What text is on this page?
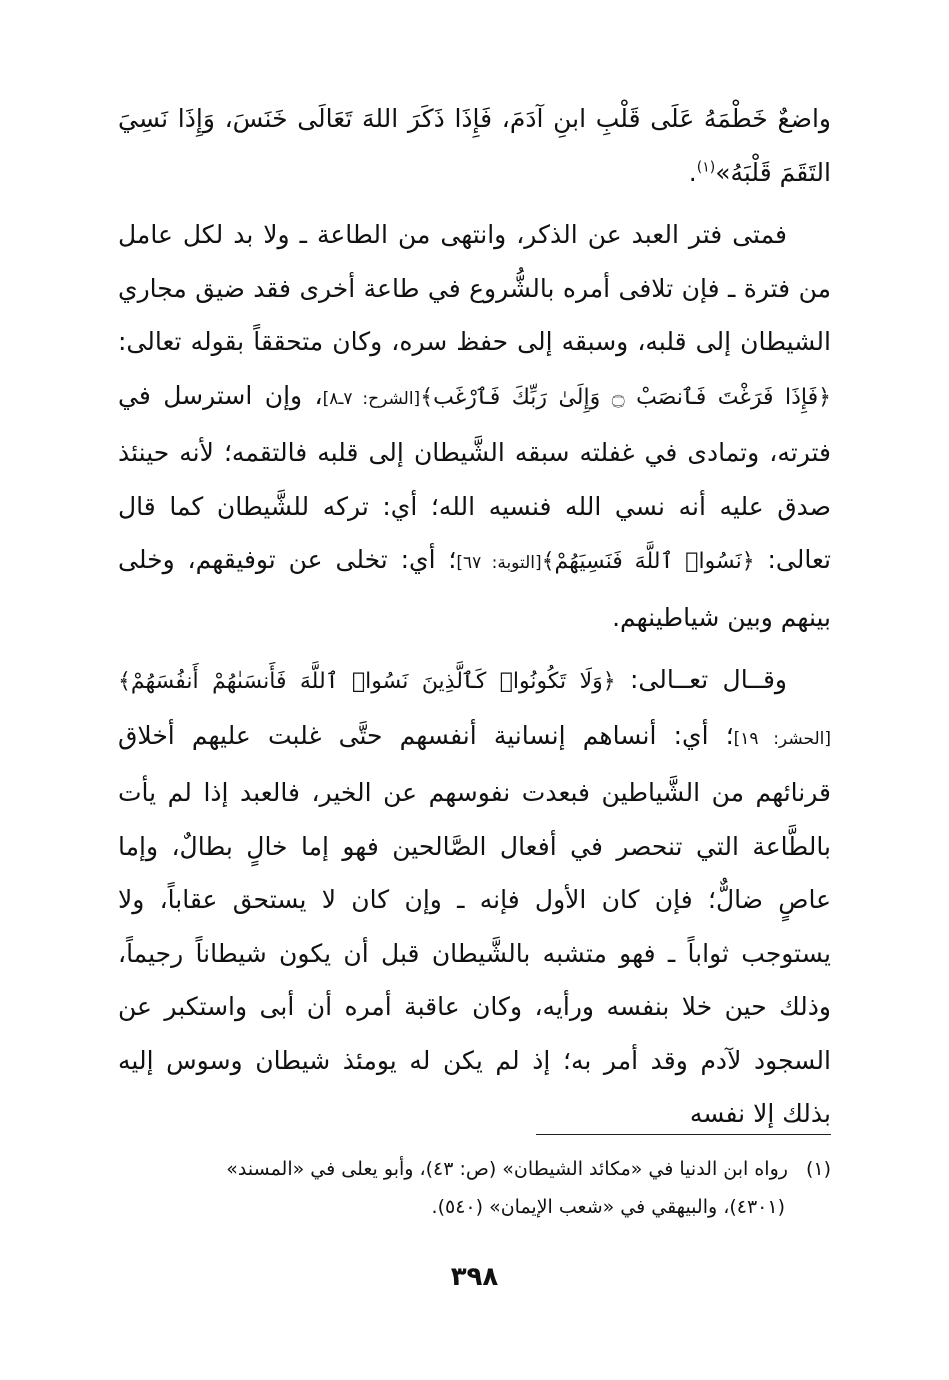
واضعٌ خَطْمَهُ عَلَى قَلْبِ ابنِ آدَمَ، فَإِذَا ذَكَرَ اللهَ تَعَالَى خَنَسَ، وَإِذَا نَسِيَ التَقَمَ قَلْبَهُ»$^{(١)}$.

فمتى فتر العبد عن الذكر، وانتهى من الطاعة ـ ولا بد لكل عامل من فترة ـ فإن تلافى أمره بالشُّروع في طاعة أخرى فقد ضيق مجاري الشيطان إلى قلبه، وسبقه إلى حفظ سره، وكان متحققاً بقوله تعالى: ﴿فَإِذَا فَرَغْتَ فَٱنصَبْ ۝ وَإِلَىٰ رَبِّكَ فَٱرْغَب﴾[الشرح: ٧ـ٨]، وإن استرسل في فترته، وتمادى في غفلته سبقه الشَّيطان إلى قلبه فالتقمه؛ لأنه حينئذ صدق عليه أنه نسي الله فنسيه الله؛ أي: تركه للشَّيطان كما قال تعالى: ﴿نَسُوا۟ ٱللَّهَ فَنَسِيَهُمْ﴾[التوبة: ٦٧]؛ أي: تخلى عن توفيقهم، وخلى بينهم وبين شياطينهم.

وقــال تعــالى: ﴿وَلَا تَكُونُوا۟ كَٱلَّذِينَ نَسُوا۟ ٱللَّهَ فَأَنسَىٰهُمْ أَنفُسَهُمْ﴾[الحشر: ١٩]؛ أي: أنساهم إنسانية أنفسهم حتَّى غلبت عليهم أخلاق قرنائهم من الشَّياطين فبعدت نفوسهم عن الخير، فالعبد إذا لم يأت بالطَّاعة التي تنحصر في أفعال الصَّالحين فهو إما خالٍ بطالٌ، وإما عاصٍ ضالٌّ؛ فإن كان الأول فإنه ـ وإن كان لا يستحق عقاباً، ولا يستوجب ثواباً ـ فهو متشبه بالشَّيطان قبل أن يكون شيطاناً رجيماً، وذلك حين خلا بنفسه ورأيه، وكان عاقبة أمره أن أبى واستكبر عن السجود لآدم وقد أمر به؛ إذ لم يكن له يومئذ شيطان وسوس إليه بذلك إلا نفسه

(١)رواه ابن الدنيا في «مكائد الشيطان» (ص: ٤٣)، وأبو يعلى في «المسند»
(٤٣٠١)، والبيهقي في «شعب الإيمان» (٥٤٠).
٣٩٨
